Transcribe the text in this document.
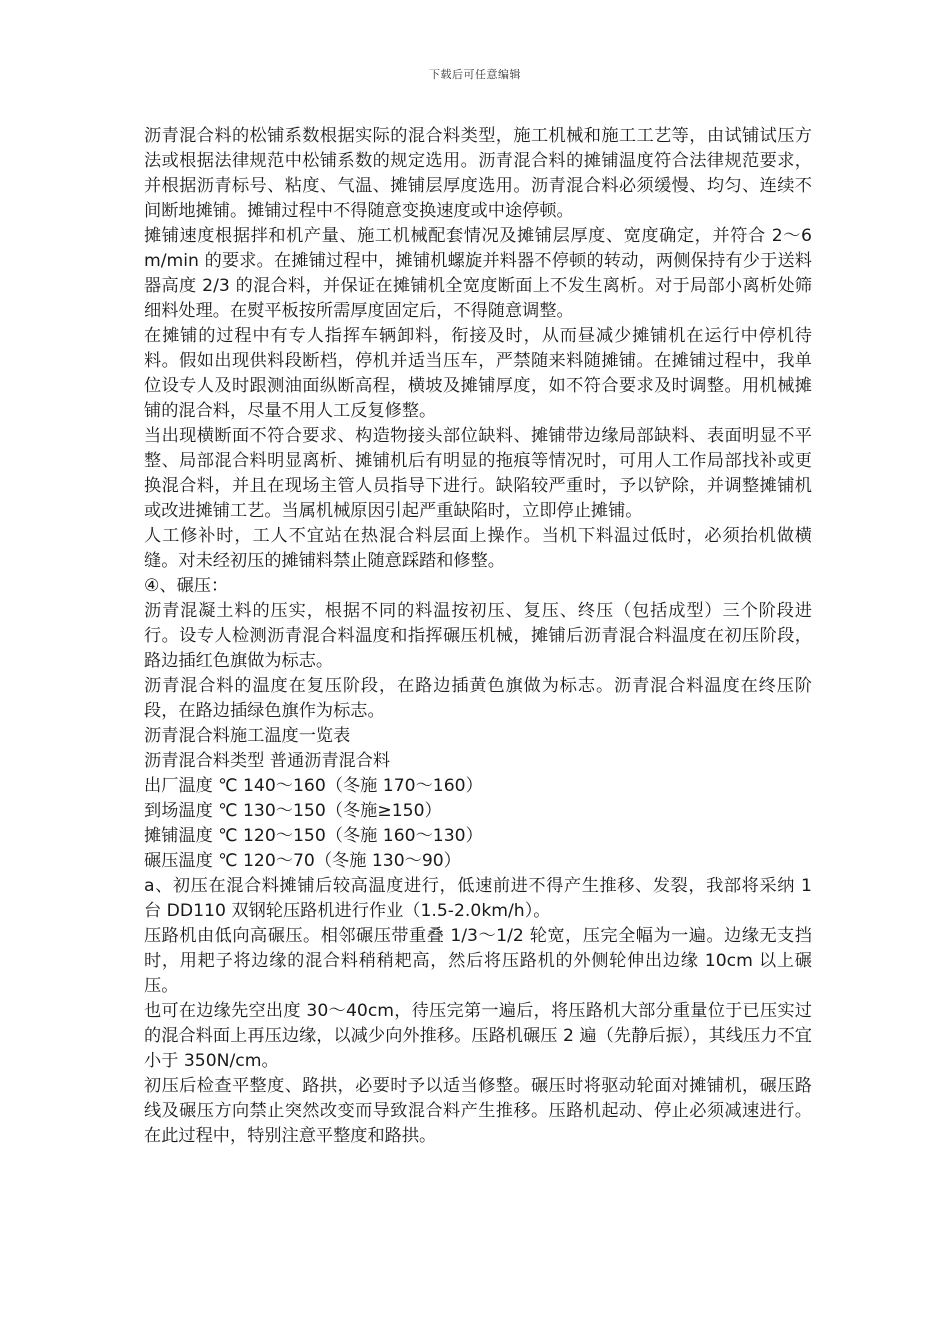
下载后可任意编辑

沥青混合料的松铺系数根据实际的混合料类型，施工机械和施工工艺等，由试铺试压方法或根据法律规范中松铺系数的规定选用。沥青混合料的摊铺温度符合法律规范要求，并根据沥青标号、粘度、气温、摊铺层厚度选用。沥青混合料必须缓慢、均匀、连续不间断地摊铺。摊铺过程中不得随意变换速度或中途停顿。

摊铺速度根据拌和机产量、施工机械配套情况及摊铺层厚度、宽度确定，并符合 2～6m/min 的要求。在摊铺过程中，摊铺机螺旋并料器不停顿的转动，两侧保持有少于送料器高度 2/3 的混合料，并保证在摊铺机全宽度断面上不发生离析。对于局部小离析处筛细料处理。在熨平板按所需厚度固定后，不得随意调整。

在摊铺的过程中有专人指挥车辆卸料，衔接及时，从而昼减少摊铺机在运行中停机待料。假如出现供料段断档，停机并适当压车，严禁随来料随摊铺。在摊铺过程中，我单位设专人及时跟测油面纵断高程，横坡及摊铺厚度，如不符合要求及时调整。用机械摊铺的混合料，尽量不用人工反复修整。

当出现横断面不符合要求、构造物接头部位缺料、摊铺带边缘局部缺料、表面明显不平整、局部混合料明显离析、摊铺机后有明显的拖痕等情况时，可用人工作局部找补或更换混合料，并且在现场主管人员指导下进行。缺陷较严重时，予以铲除，并调整摊铺机或改进摊铺工艺。当属机械原因引起严重缺陷时，立即停止摊铺。

人工修补时，工人不宜站在热混合料层面上操作。当机下料温过低时，必须抬机做横缝。对未经初压的摊铺料禁止随意踩踏和修整。

④、碾压：

沥青混凝土料的压实，根据不同的料温按初压、复压、终压（包括成型）三个阶段进行。设专人检测沥青混合料温度和指挥碾压机械，摊铺后沥青混合料温度在初压阶段，路边插红色旗做为标志。

沥青混合料的温度在复压阶段，在路边插黄色旗做为标志。沥青混合料温度在终压阶段，在路边插绿色旗作为标志。

沥青混合料施工温度一览表

沥青混合料类型 普通沥青混合料

出厂温度 ℃ 140～160（冬施 170～160）

到场温度 ℃ 130～150（冬施≥150）

摊铺温度 ℃ 120～150（冬施 160～130）

碾压温度 ℃ 120～70（冬施 130～90）

a、初压在混合料摊铺后较高温度进行，低速前进不得产生推移、发裂，我部将采纳 1 台 DD110 双钢轮压路机进行作业（1.5-2.0km/h）。

压路机由低向高碾压。相邻碾压带重叠 1/3～1/2 轮宽，压完全幅为一遍。边缘无支挡时，用耙子将边缘的混合料稍稍耙高，然后将压路机的外侧轮伸出边缘 10cm 以上碾压。

也可在边缘先空出度 30～40cm，待压完第一遍后，将压路机大部分重量位于已压实过的混合料面上再压边缘，以减少向外推移。压路机碾压 2 遍（先静后振），其线压力不宜小于 350N/cm。

初压后检查平整度、路拱，必要时予以适当修整。碾压时将驱动轮面对摊铺机，碾压路线及碾压方向禁止突然改变而导致混合料产生推移。压路机起动、停止必须减速进行。在此过程中，特别注意平整度和路拱。
